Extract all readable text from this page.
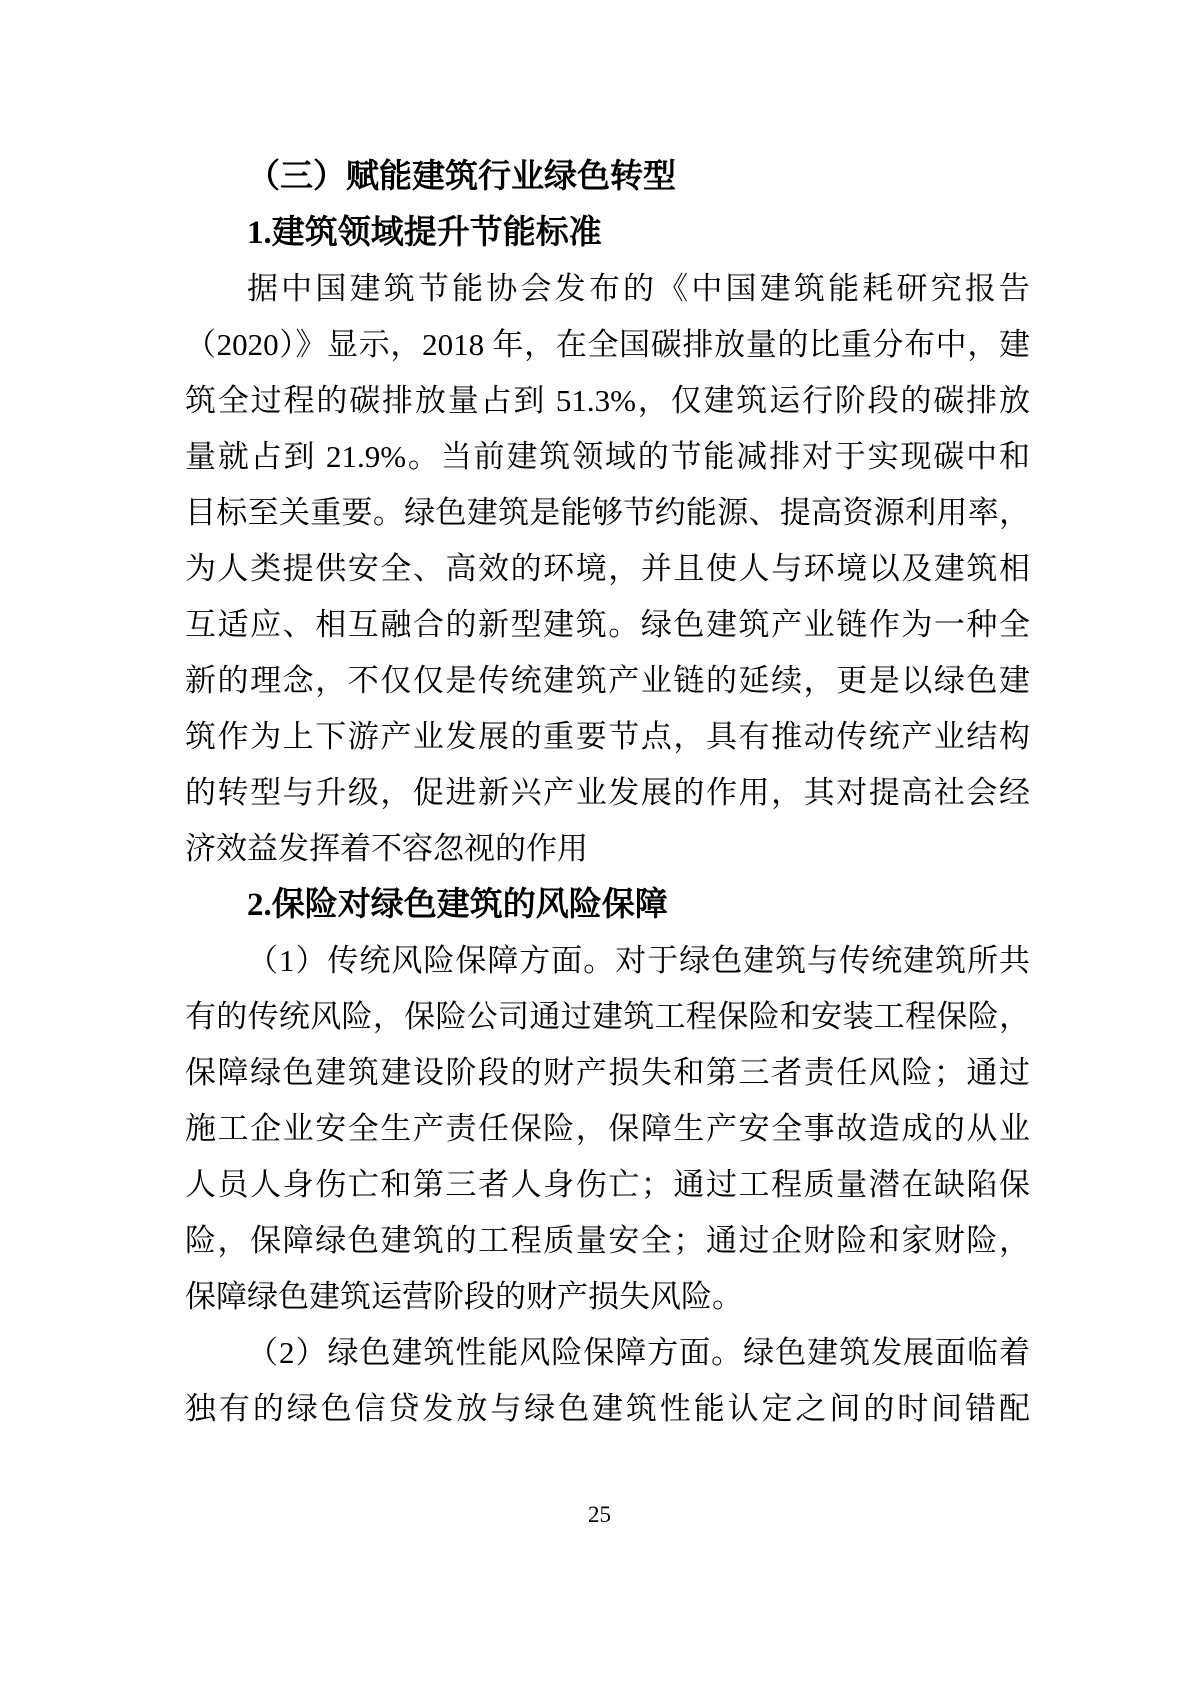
（三）赋能建筑行业绿色转型
1.建筑领域提升节能标准
据中国建筑节能协会发布的《中国建筑能耗研究报告
（2020）》显示，2018 年，在全国碳排放量的比重分布中，建
筑全过程的碳排放量占到 51.3%，仅建筑运行阶段的碳排放
量就占到 21.9%。当前建筑领域的节能减排对于实现碳中和
目标至关重要。绿色建筑是能够节约能源、提高资源利用率，
为人类提供安全、高效的环境，并且使人与环境以及建筑相
互适应、相互融合的新型建筑。绿色建筑产业链作为一种全
新的理念，不仅仅是传统建筑产业链的延续，更是以绿色建
筑作为上下游产业发展的重要节点，具有推动传统产业结构
的转型与升级，促进新兴产业发展的作用，其对提高社会经
济效益发挥着不容忽视的作用
2.保险对绿色建筑的风险保障
（1）传统风险保障方面。对于绿色建筑与传统建筑所共
有的传统风险，保险公司通过建筑工程保险和安装工程保险，
保障绿色建筑建设阶段的财产损失和第三者责任风险；通过
施工企业安全生产责任保险，保障生产安全事故造成的从业
人员人身伤亡和第三者人身伤亡；通过工程质量潜在缺陷保
险，保障绿色建筑的工程质量安全；通过企财险和家财险，
保障绿色建筑运营阶段的财产损失风险。
（2）绿色建筑性能风险保障方面。绿色建筑发展面临着
独有的绿色信贷发放与绿色建筑性能认定之间的时间错配
25
